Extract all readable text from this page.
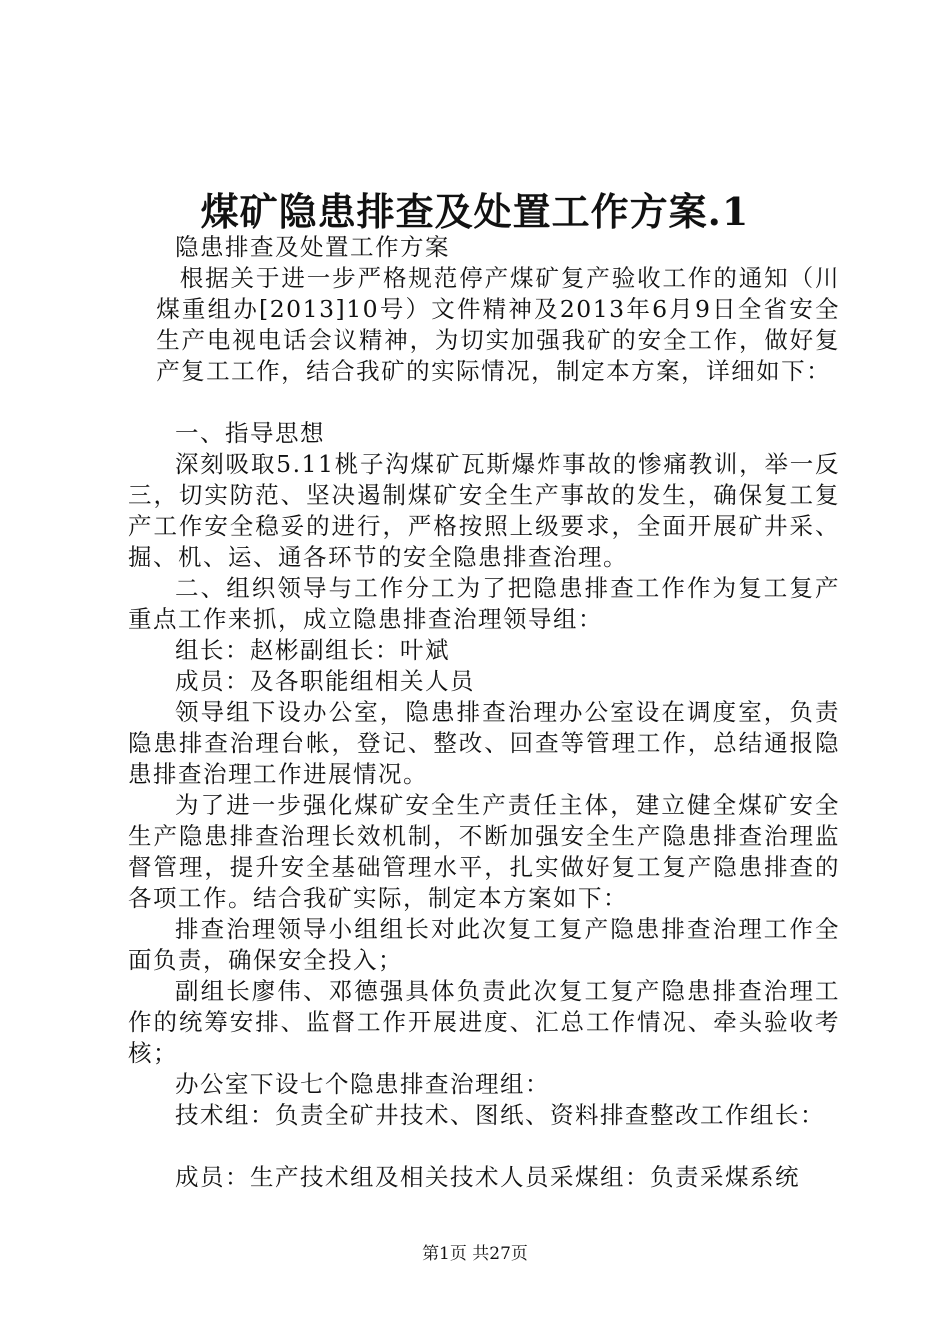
煤矿隐患排查及处置工作方案.1

隐患排查及处置工作方案

根据关于进一步严格规范停产煤矿复产验收工作的通知（川煤重组办[2013]10号）文件精神及2013年6月9日全省安全生产电视电话会议精神，为切实加强我矿的安全工作，做好复产复工工作，结合我矿的实际情况，制定本方案，详细如下：

一、指导思想

深刻吸取5.11桃子沟煤矿瓦斯爆炸事故的惨痛教训，举一反三，切实防范、坚决遏制煤矿安全生产事故的发生，确保复工复产工作安全稳妥的进行，严格按照上级要求，全面开展矿井采、掘、机、运、通各环节的安全隐患排查治理。

二、组织领导与工作分工为了把隐患排查工作作为复工复产重点工作来抓，成立隐患排查治理领导组：

组长：赵彬副组长：叶斌

成员：及各职能组相关人员

领导组下设办公室，隐患排查治理办公室设在调度室，负责隐患排查治理台帐，登记、整改、回查等管理工作，总结通报隐患排查治理工作进展情况。

为了进一步强化煤矿安全生产责任主体，建立健全煤矿安全生产隐患排查治理长效机制，不断加强安全生产隐患排查治理监督管理，提升安全基础管理水平，扎实做好复工复产隐患排查的各项工作。结合我矿实际，制定本方案如下：

排查治理领导小组组长对此次复工复产隐患排查治理工作全面负责，确保安全投入；

副组长廖伟、邓德强具体负责此次复工复产隐患排查治理工作的统筹安排、监督工作开展进度、汇总工作情况、牵头验收考核；

办公室下设七个隐患排查治理组：

技术组：负责全矿井技术、图纸、资料排查整改工作组长：

成员：生产技术组及相关技术人员采煤组：负责采煤系统

第1页 共27页
